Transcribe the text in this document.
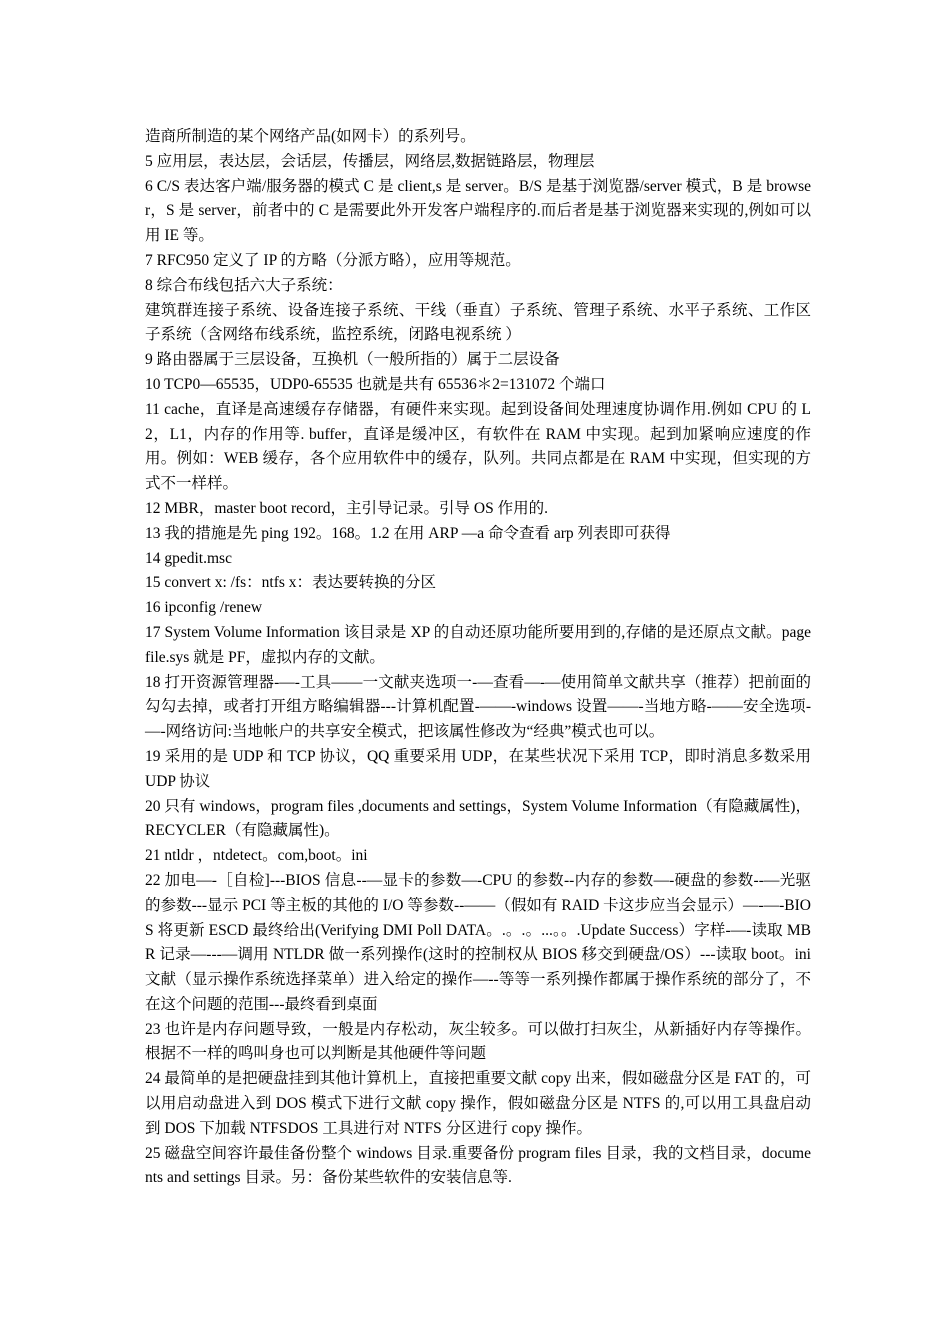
造商所制造的某个网络产品(如网卡）的系列号。

5 应用层，表达层，会话层，传播层，网络层,数据链路层，物理层

6 C/S 表达客户端/服务器的模式 C 是 client,s 是 server。B/S 是基于浏览器/server 模式，B 是 browser，S 是 server，前者中的 C 是需要此外开发客户端程序的.而后者是基于浏览器来实现的,例如可以用 IE 等。

7 RFC950 定义了 IP 的方略（分派方略），应用等规范。

8 综合布线包括六大子系统：

建筑群连接子系统、设备连接子系统、干线（垂直）子系统、管理子系统、水平子系统、工作区子系统（含网络布线系统，监控系统，闭路电视系统 ）

9 路由器属于三层设备，互换机（一般所指的）属于二层设备

10 TCP0—65535，UDP0-65535 也就是共有 65536＊2=131072 个端口

11 cache，直译是高速缓存存储器，有硬件来实现。起到设备间处理速度协调作用.例如 CPU 的 L2，L1，内存的作用等. buffer，直译是缓冲区，有软件在 RAM 中实现。起到加紧响应速度的作用。例如：WEB 缓存，各个应用软件中的缓存，队列。共同点都是在 RAM 中实现，但实现的方式不一样样。

12 MBR，master boot record，主引导记录。引导 OS 作用的.

13 我的措施是先 ping 192。168。1.2 在用 ARP —a 命令查看 arp 列表即可获得

14 gpedit.msc

15 convert x: /fs：ntfs x：表达要转换的分区

16 ipconfig /renew

17 System Volume Information 该目录是 XP 的自动还原功能所要用到的,存储的是还原点文献。pagefile.sys 就是 PF，虚拟内存的文献。

18 打开资源管理器-—-工具——一文献夹选项一-—查看—-—使用简单文献共享（推荐）把前面的勾勾去掉，或者打开组方略编辑器---计算机配置-——-windows 设置——-当地方略-——安全选项-—-网络访问:当地帐户的共享安全模式，把该属性修改为“经典”模式也可以。

19 采用的是 UDP 和 TCP 协议，QQ 重要采用 UDP，在某些状况下采用 TCP，即时消息多数采用 UDP 协议

20 只有 windows，program files ,documents and settings，System Volume Information（有隐藏属性)，RECYCLER（有隐藏属性)。

21 ntldr ，ntdetect。com,boot。ini

22 加电—-［自检]---BIOS 信息--—显卡的参数—-CPU 的参数--内存的参数—-硬盘的参数--—光驱的参数---显示 PCI 等主板的其他的 I/O 等参数--——（假如有 RAID 卡这步应当会显示）—-—-BIOS 将更新 ESCD 最终给出(Verifying DMI Poll DATA。.。.。...。。.Update Success）字样-—-读取 MBR 记录—---—调用 NTLDR 做一系列操作(这时的控制权从 BIOS 移交到硬盘/OS）---读取 boot。ini 文献（显示操作系统选择菜单）进入给定的操作—--等等一系列操作都属于操作系统的部分了，不在这个问题的范围---最终看到桌面

23 也许是内存问题导致，一般是内存松动，灰尘较多。可以做打扫灰尘，从新插好内存等操作。根据不一样的鸣叫身也可以判断是其他硬件等问题

24 最简单的是把硬盘挂到其他计算机上，直接把重要文献 copy 出来，假如磁盘分区是 FAT 的，可以用启动盘进入到 DOS 模式下进行文献 copy 操作，假如磁盘分区是 NTFS 的,可以用工具盘启动到 DOS 下加载 NTFSDOS 工具进行对 NTFS 分区进行 copy 操作。

25 磁盘空间容许最佳备份整个 windows 目录.重要备份 program files 目录，我的文档目录，documents and settings 目录。另：备份某些软件的安装信息等.
